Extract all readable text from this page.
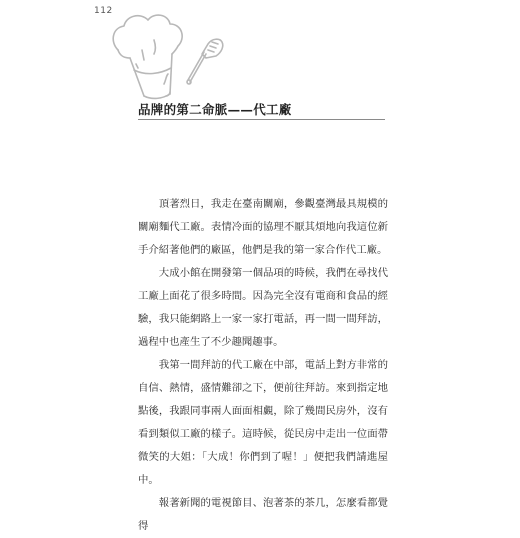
112
品牌的第二命脈——代工廠

頂著烈日，我走在臺南關廟，參觀臺灣最具規模的關廟麵代工廠。表情冷面的協理不厭其煩地向我這位新手介紹著他們的廠區，他們是我的第一家合作代工廠。

大成小館在開發第一個品項的時候，我們在尋找代工廠上面花了很多時間。因為完全沒有電商和食品的經驗，我只能網路上一家一家打電話，再一間一間拜訪，過程中也產生了不少趣聞趣事。

我第一間拜訪的代工廠在中部，電話上對方非常的自信、熱情，盛情難卻之下，便前往拜訪。來到指定地點後，我跟同事兩人面面相覷，除了幾間民房外，沒有看到類似工廠的樣子。這時候，從民房中走出一位面帶微笑的大姐：「大成！你們到了喔！」便把我們請進屋中。

報著新聞的電視節目、泡著茶的茶几，怎麼看都覺得
